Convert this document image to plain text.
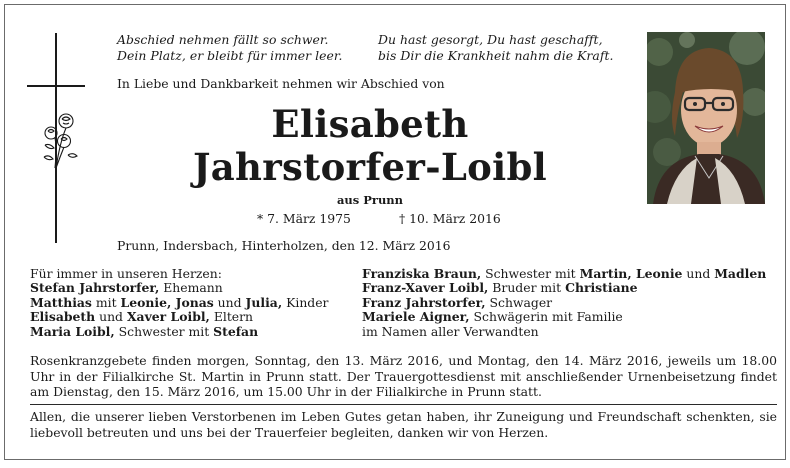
Abschied nehmen fällt so schwer.
Dein Platz, er bleibt für immer leer.
Du hast gesorgt, Du hast geschafft,
bis Dir die Krankheit nahm die Kraft.
In Liebe und Dankbarkeit nehmen wir Abschied von
Elisabeth
Jahrstorfer-Loibl
aus Prunn
* 7. März 1975	† 10. März 2016
Prunn, Indersbach, Hinterholzen, den 12. März 2016
Für immer in unseren Herzen:
Stefan Jahrstorfer, Ehemann
Matthias mit Leonie, Jonas und Julia, Kinder
Elisabeth und Xaver Loibl, Eltern
Maria Loibl, Schwester mit Stefan
Franziska Braun, Schwester mit Martin, Leonie und Madlen
Franz-Xaver Loibl, Bruder mit Christiane
Franz Jahrstorfer, Schwager
Mariele Aigner, Schwägerin mit Familie
im Namen aller Verwandten
Rosenkranzgebete finden morgen, Sonntag, den 13. März 2016, und Montag, den 14. März 2016, jeweils um 18.00 Uhr in der Filialkirche St. Martin in Prunn statt. Der Trauergottesdienst mit anschließender Urnenbeisetzung findet am Dienstag, den 15. März 2016, um 15.00 Uhr in der Filialkirche in Prunn statt.
Allen, die unserer lieben Verstorbenen im Leben Gutes getan haben, ihr Zuneigung und Freundschaft schenkten, sie liebevoll betreuten und uns bei der Trauerfeier begleiten, danken wir von Herzen.
